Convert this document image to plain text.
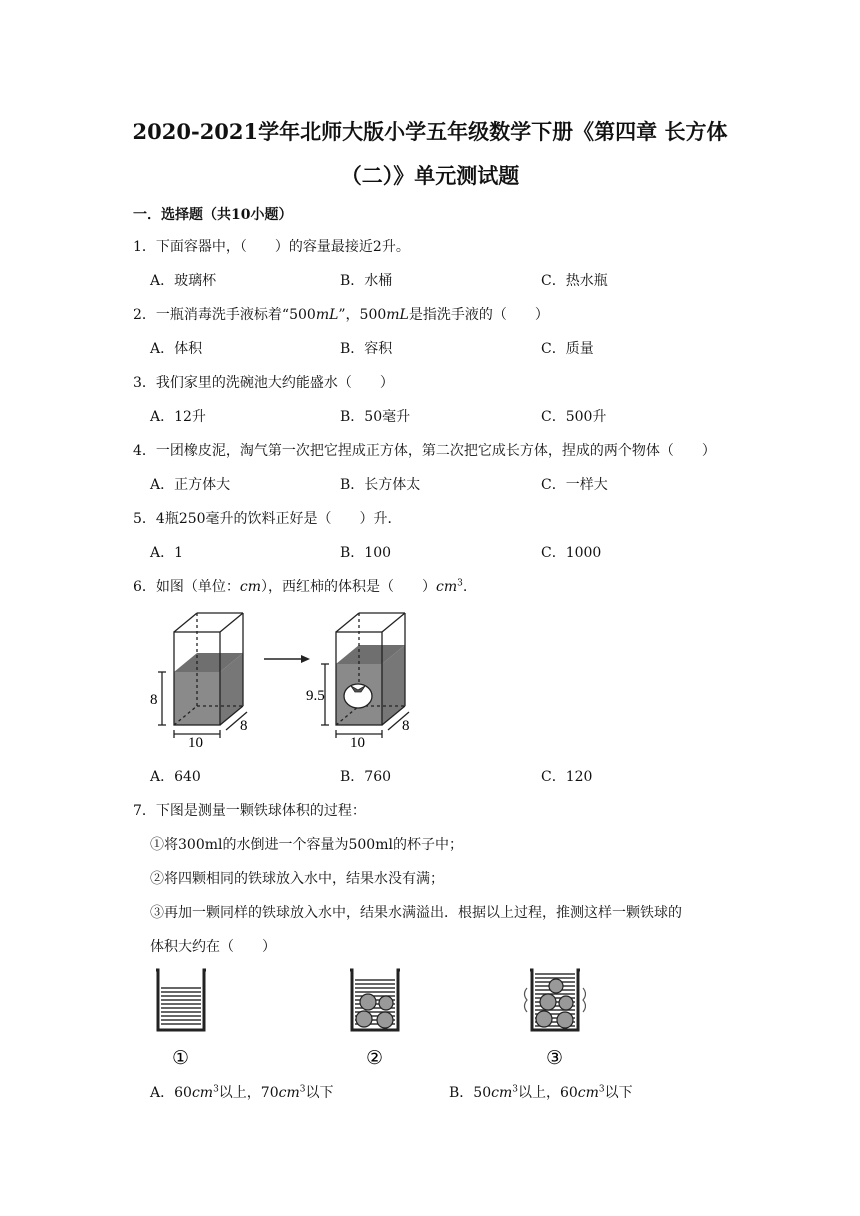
2020-2021学年北师大版小学五年级数学下册《第四章 长方体
（二）》单元测试题
一．选择题（共10小题）
1．下面容器中，（　　）的容量最接近2升。
A．玻璃杯	B．水桶	C．热水瓶
2．一瓶消毒洗手液标着“500mL”，500mL是指洗手液的（　　）
A．体积	B．容积	C．质量
3．我们家里的洗碗池大约能盛水（　　）
A．12升	B．50毫升	C．500升
4．一团橡皮泥，淘气第一次把它捏成正方体，第二次把它成长方体，捏成的两个物体（　　）
A．正方体大	B．长方体太	C．一样大
5．4瓶250毫升的饮料正好是（　　）升．
A．1	B．100	C．1000
6．如图（单位：cm），西红柿的体积是（　　）$cm^3$.
8
10
8
9.5
10
8
A．640	B．760	C．120
7．下图是测量一颗铁球体积的过程：
①将300ml的水倒进一个容量为500ml的杯子中；
②将四颗相同的铁球放入水中，结果水没有满；
③再加一颗同样的铁球放入水中，结果水满溢出．根据以上过程，推测这样一颗铁球的
体积大约在（　　）
①	②	③
A．$60cm^3$以上，$70cm^3$以下	B．$50cm^3$以上，$60cm^3$以下
